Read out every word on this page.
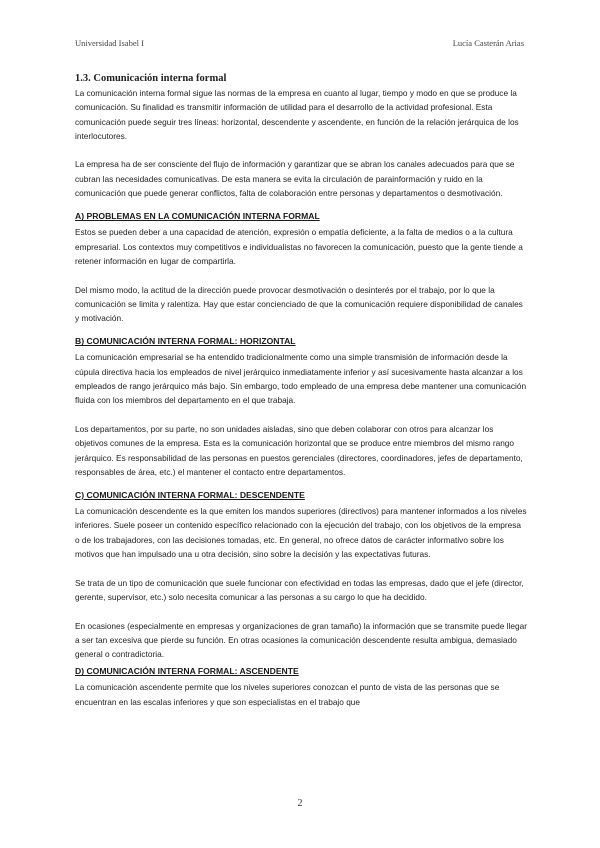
Universidad Isabel I	Lucía Casterán Arias
1.3. Comunicación interna formal

La comunicación interna formal sigue las normas de la empresa en cuanto al lugar, tiempo y modo en que se produce la comunicación. Su finalidad es transmitir información de utilidad para el desarrollo de la actividad profesional. Esta comunicación puede seguir tres líneas: horizontal, descendente y ascendente, en función de la relación jerárquica de los interlocutores.

La empresa ha de ser consciente del flujo de información y garantizar que se abran los canales adecuados para que se cubran las necesidades comunicativas. De esta manera se evita la circulación de parainformación y ruido en la comunicación que puede generar conflictos, falta de colaboración entre personas y departamentos o desmotivación.

A) PROBLEMAS EN LA COMUNICACIÓN INTERNA FORMAL

Estos se pueden deber a una capacidad de atención, expresión o empatía deficiente, a la falta de medios o a la cultura empresarial. Los contextos muy competitivos e individualistas no favorecen la comunicación, puesto que la gente tiende a retener información en lugar de compartirla.

Del mismo modo, la actitud de la dirección puede provocar desmotivación o desinterés por el trabajo, por lo que la comunicación se limita y ralentiza. Hay que estar concienciado de que la comunicación requiere disponibilidad de canales y motivación.

B) COMUNICACIÓN INTERNA FORMAL: HORIZONTAL

La comunicación empresarial se ha entendido tradicionalmente como una simple transmisión de información desde la cúpula directiva hacia los empleados de nivel jerárquico inmediatamente inferior y así sucesivamente hasta alcanzar a los empleados de rango jerárquico más bajo. Sin embargo, todo empleado de una empresa debe mantener una comunicación fluida con los miembros del departamento en el que trabaja.

Los departamentos, por su parte, no son unidades aisladas, sino que deben colaborar con otros para alcanzar los objetivos comunes de la empresa. Esta es la comunicación horizontal que se produce entre miembros del mismo rango jerárquico. Es responsabilidad de las personas en puestos gerenciales (directores, coordinadores, jefes de departamento, responsables de área, etc.) el mantener el contacto entre departamentos.

C) COMUNICACIÓN INTERNA FORMAL: DESCENDENTE

La comunicación descendente es la que emiten los mandos superiores (directivos) para mantener informados a los niveles inferiores. Suele poseer un contenido específico relacionado con la ejecución del trabajo, con los objetivos de la empresa o de los trabajadores, con las decisiones tomadas, etc. En general, no ofrece datos de carácter informativo sobre los motivos que han impulsado una u otra decisión, sino sobre la decisión y las expectativas futuras.

Se trata de un tipo de comunicación que suele funcionar con efectividad en todas las empresas, dado que el jefe (director, gerente, supervisor, etc.) solo necesita comunicar a las personas a su cargo lo que ha decidido.

En ocasiones (especialmente en empresas y organizaciones de gran tamaño) la información que se transmite puede llegar a ser tan excesiva que pierde su función. En otras ocasiones la comunicación descendente resulta ambigua, demasiado general o contradictoria.

D) COMUNICACIÓN INTERNA FORMAL: ASCENDENTE

La comunicación ascendente permite que los niveles superiores conozcan el punto de vista de las personas que se encuentran en las escalas inferiores y que son especialistas en el trabajo que

2
